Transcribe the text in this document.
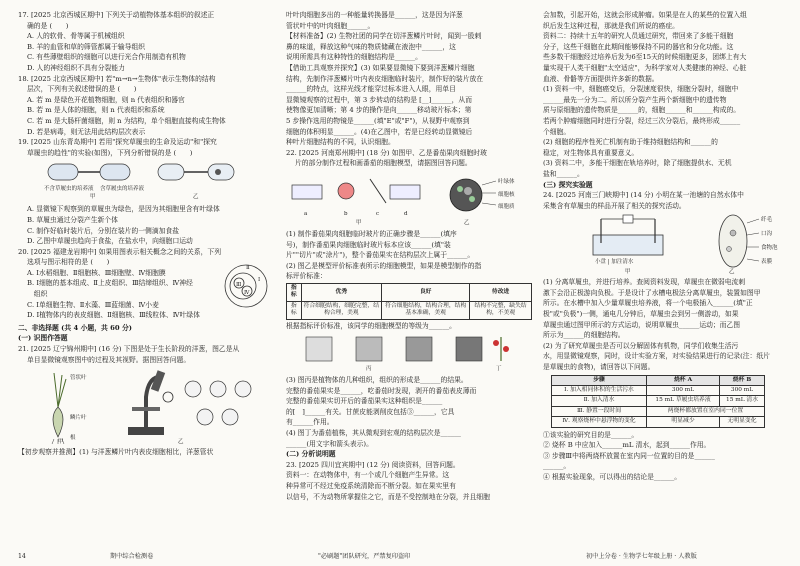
17. [2025 北京西城区期中] 下列关于动植物体基本组织的叙述正

确的是 (　　)

A. 人的软骨、骨等属于机械组织

B. 羊的血管和草的筛管都属于输导组织

C. 有些薄壁组织的细胞可以进行光合作用制造有机物

D. 人的神经组织不具有分裂能力

18. [2025 北京西城区期中] 若"m→n→生物体"表示生物体的结构

层次，下列有关叙述错误的是 (　　)

A. 若 m 是绿色开花植物细胞，则 n 代表组织和器官

B. 若 m 是人体的细胞，则 n 代表组织和系统

C. 若 m 是大肠杆菌细胞，则 n 为结构，单个细胞直接构成生物体

D. 若是病毒，则无法用此结构层次表示

19. [2025 山东青岛期中] 若用"探究草履虫的生命及运动"和"探究

草履虫的趋性"的实验(如图)，下列分析错误的是 (　　)

不含草履虫的培养液 含草履虫的培养液
甲	乙

A. 显微镜下观察到的草履虫为绿色，是因为其细胞里含有叶绿体

B. 草履虫通过分裂产生新个体

C. 制作好临时装片后，分别在装片的一侧滴加食盐

D. 乙图中草履虫趋向于食盐，在盐水中，向细胞口运动

20. [2025 福建龙岩期中] 如果用图表示相关概念之间的关系，下列

选项与图示相符的是 (　　)

A. Ⅰ水稻细胞、Ⅱ细胞核、Ⅲ细胞壁、Ⅳ细胞膜

B. Ⅰ细胞的基本组成、Ⅱ上皮组织、Ⅲ结缔组织、Ⅳ神经

　组织

C. Ⅰ单细胞生物、Ⅱ水藻、Ⅲ蓝细菌、Ⅳ小麦

D. Ⅰ植物体内的表皮细胞、Ⅱ细胞核、Ⅲ线粒体、Ⅳ叶绿体

Ⅰ
Ⅱ
Ⅲ
Ⅳ

二、非选择题 (共 4 小题，共 60 分)

(一) 识图作答题

21. [2025 辽宁锦州期中] (16 分) 下图是处于生长阶段的洋葱，图乙是从

单目显微镜观察图中的过程及其视野。据图回答问题。

管状叶
鳞片叶
根
甲	乙

【初步观察并推测】(1) 与洋葱鳞片叶内表皮细胞相比，洋葱管状

叶叶肉细胞多出的一种能量转换器是______，这是因为洋葱

管状叶中的叶肉细胞______。

【材料准备】(2) 生物社团的同学在切洋葱鳞片叶时，闻到一股刺

鼻的味道，释放这种气味的物质储藏在液泡中______，这

说明所需具有这种特性的细胞结构是______。

【借助工具观察并探究】(3) 如果要显微镜下要到洋葱鳞片细胞

结构，先制作洋葱鳞片叶内表皮细胞临时装片，制作好的装片放在

______的特点，这样光线才能穿过标本进入人眼，用单目

显微镜观察的过程中，第 3 步转动的结构是 [__]______，从而

使物像更加清晰；第 4 步的操作是向______移动玻片标本；第

5 步操作选用的物镜是______(填"E"或"F")，从视野中观察到

细胞的体积明显______。(4)在乙图中，若是已经转动显微镜后

种叶片细胞结构的不同，认识细胞。

22. [2025 河南郑州期中] (18 分) 如图甲、乙是番茄果肉细胞时玻

片的部分制作过程和画番茄的细胞模型，请据图回答问题。

a	b	c	d
甲	乙
叶绿体
细胞核
细胞质

(1) 制作番茄果肉细胞临时玻片的正确步骤是______(填序

号)，制作番茄果肉细胞临时玻片标本应该______(填"装

片""切片"或"涂片")，整个番茄果实在结构层次上属于______。

(2) 图乙是模型评价标准表所示的细胞模型，如果是模型制作的指

标评价标准：

指标	优秀	良好	待改进
指标	符合细胞结构，细胞完整，结构合理，美观	符合细胞结构，结构合理，结构基本准确，美观	结构不完整，缺失结构，不美观

根据指标评价标准，该同学的细胞模型的等级为______。

丙	丁

(3) 图丙是植物体的几种组织，组织的形成是______的结果。

完整的番茄果实是______，吃番茄时发现，剥开的番茄表皮薄而

完整的番茄果实切开后的番茄果实这种组织是______

的[　]______有关。甘蔗皮能剥削皮包括③______，它具

有______作用。

(4) 图丁为番茄植株，其从微观到宏观的结构层次是______

______(用文字和箭头表示)。

(二) 分析说明题

23. [2025 四川宜宾期中] (12 分) 阅读资料，回答问题。

资料一：在动物体中，有一个或几个细胞产生异常。这

种异常可不经过免疫系统清除而不断分裂。如在果实里有

以信号，不为动物所掌握住之它，而是不受控制地在分裂，并且细胞

会加数，引起开始，这就会形成肿瘤。如果是在人的某些的位置入组

织后发生这种过程，那就是我们所说的癌症。

资料二：持续十五年的研究人员通过研究，带回来了多能干细胞

分子，这些干细胞在此期间能够保持不同的器官和分化功能。这

些多数干细胞经过培养后发为6至15天的时候细胞更多，团绑上有大

量实现干人类干细胞"太空适应"，为科学家对人类健康的神经、心脏

血液、骨骼等方面提供许多新的数据。

(1) 资料一中，细胞癌变后，分裂速度很快，细胞分裂时，细胞中

______最先一分为二。所以所分裂产生两个新细胞中的遗传物

质与原细胞的遗传物质是______的，细胞______和______构成的。

若两个肿瘤细胞同时进行分裂，经过三次分裂后，最终形成______

个细胞。

(2) 细胞的程序性死亡机制有助于维持细胞结构和______的

稳定，对生物体具有重要意义。

(3) 资料二中，多能干细胞在轨培养时，除了细胞提供水、无机

盐和______。

(三) 探究实验题

24. [2025 河南三门峡期中] (14 分) 小明在某一池塘的自然水体中

采集含有草履虫的样品开展了相关的探究活动。

小盘 | 加注清水
甲	乙
纤毛
口沟
食物泡
表膜

(1) 分离草履虫，并进行培养。查阅资料发现，草履虫在微弱电流刺

激下会沿正极游向负极。于是设计了水槽电极法分离草履虫，装置如图甲

所示。在水槽中加入少量草履虫培养液，将一个电极插入______(填"正

极"或"负极")一侧，通电几分钟后，草履虫会到另一侧游动，如果

草履虫通过图甲所示的方式运动，说明草履虫______运动；而乙图

所示为______的细胞结构。

(2) 为了研究草履虫是否可以分解固体有机物，同学们收集生活污

水，用显微镜观察，同时，设计实验方案，对实验结果进行的记录(注：纸片

是草履虫的食物)，请回答以下问题。

步骤	烧杯 A	烧杯 B
Ⅰ. 加入相同体积的生活污水	300 mL	300 mL
Ⅱ. 加入清水	15 mL 草履虫培养液	15 mL 清水
Ⅲ. 静置一段时间	两烧杯都放置在室内同一位置	
Ⅳ. 观察烧杯中悬浮物的变化	明显减少	无明显变化

①该实验的研究目的是______。

② 烧杯 B 中应加入______mL 清水，起到______作用。

③ 步骤Ⅲ中将两烧杯放置在室内同一位置的目的是______

______。

④ 根据实验现象，可以得出的结论是______。

14	期中综合检测卷	"必刷题"团队研究，严禁复印盗印	初中上分卷 · 生物学七年级上册 · 人教版
